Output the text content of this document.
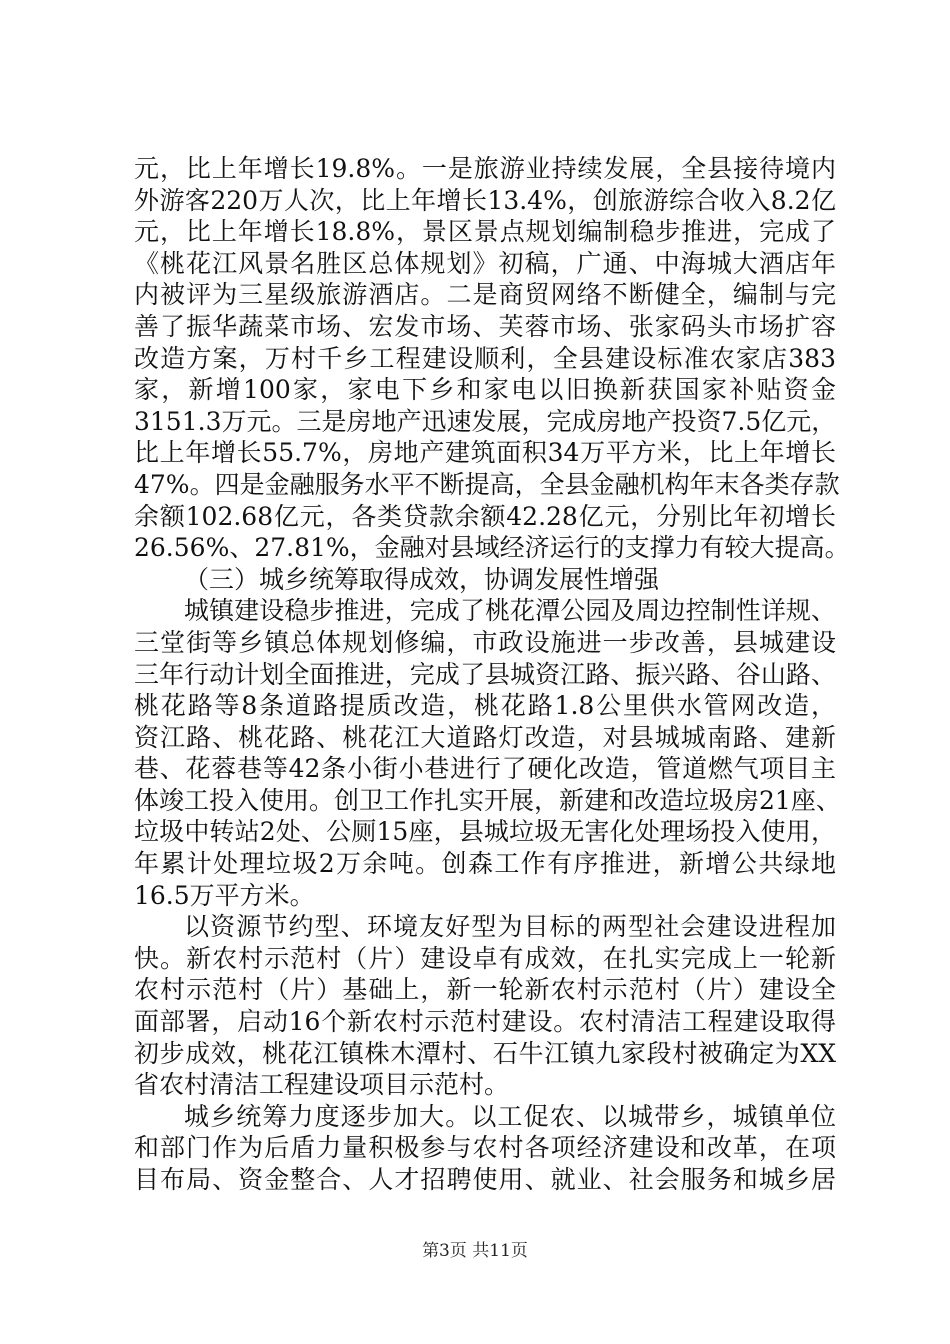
元，比上年增长19.8%。一是旅游业持续发展，全县接待境内
外游客220万人次，比上年增长13.4%，创旅游综合收入8.2亿
元，比上年增长18.8%，景区景点规划编制稳步推进，完成了
《桃花江风景名胜区总体规划》初稿，广通、中海城大酒店年
内被评为三星级旅游酒店。二是商贸网络不断健全，编制与完
善了振华蔬菜市场、宏发市场、芙蓉市场、张家码头市场扩容
改造方案，万村千乡工程建设顺利，全县建设标准农家店383
家，新增100家，家电下乡和家电以旧换新获国家补贴资金
3151.3万元。三是房地产迅速发展，完成房地产投资7.5亿元，
比上年增长55.7%，房地产建筑面积34万平方米，比上年增长
47%。四是金融服务水平不断提高，全县金融机构年末各类存款
余额102.68亿元，各类贷款余额42.28亿元，分别比年初增长
26.56%、27.81%，金融对县域经济运行的支撑力有较大提高。
（三）城乡统筹取得成效，协调发展性增强
城镇建设稳步推进，完成了桃花潭公园及周边控制性详规、
三堂街等乡镇总体规划修编，市政设施进一步改善，县城建设
三年行动计划全面推进，完成了县城资江路、振兴路、谷山路、
桃花路等8条道路提质改造，桃花路1.8公里供水管网改造，
资江路、桃花路、桃花江大道路灯改造，对县城城南路、建新
巷、花蓉巷等42条小街小巷进行了硬化改造，管道燃气项目主
体竣工投入使用。创卫工作扎实开展，新建和改造垃圾房21座、
垃圾中转站2处、公厕15座，县城垃圾无害化处理场投入使用，
年累计处理垃圾2万余吨。创森工作有序推进，新增公共绿地
16.5万平方米。
以资源节约型、环境友好型为目标的两型社会建设进程加
快。新农村示范村（片）建设卓有成效，在扎实完成上一轮新
农村示范村（片）基础上，新一轮新农村示范村（片）建设全
面部署，启动16个新农村示范村建设。农村清洁工程建设取得
初步成效，桃花江镇株木潭村、石牛江镇九家段村被确定为XX
省农村清洁工程建设项目示范村。
城乡统筹力度逐步加大。以工促农、以城带乡，城镇单位
和部门作为后盾力量积极参与农村各项经济建设和改革，在项
目布局、资金整合、人才招聘使用、就业、社会服务和城乡居
第3页 共11页
